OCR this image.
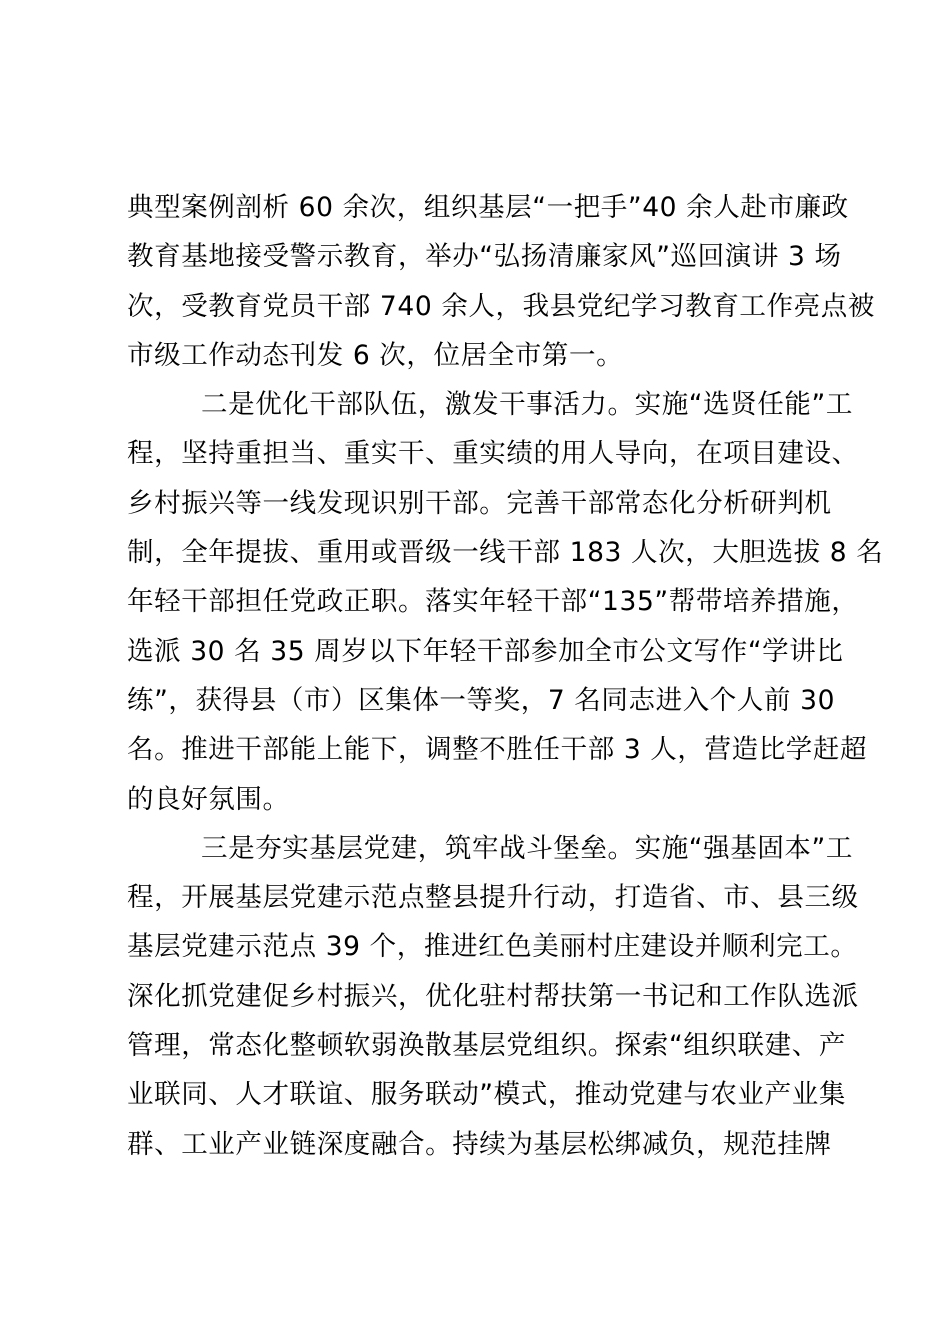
典型案例剖析 60 余次，组织基层“一把手”40 余人赴市廉政
教育基地接受警示教育，举办“弘扬清廉家风”巡回演讲 3 场
次，受教育党员干部 740 余人，我县党纪学习教育工作亮点被
市级工作动态刊发 6 次，位居全市第一。
二是优化干部队伍，激发干事活力。实施“选贤任能”工
程，坚持重担当、重实干、重实绩的用人导向，在项目建设、
乡村振兴等一线发现识别干部。完善干部常态化分析研判机
制，全年提拔、重用或晋级一线干部 183 人次，大胆选拔 8 名
年轻干部担任党政正职。落实年轻干部“135”帮带培养措施，
选派 30 名 35 周岁以下年轻干部参加全市公文写作“学讲比
练”，获得县（市）区集体一等奖，7 名同志进入个人前 30
名。推进干部能上能下，调整不胜任干部 3 人，营造比学赶超
的良好氛围。
三是夯实基层党建，筑牢战斗堡垒。实施“强基固本”工
程，开展基层党建示范点整县提升行动，打造省、市、县三级
基层党建示范点 39 个，推进红色美丽村庄建设并顺利完工。
深化抓党建促乡村振兴，优化驻村帮扶第一书记和工作队选派
管理，常态化整顿软弱涣散基层党组织。探索“组织联建、产
业联同、人才联谊、服务联动”模式，推动党建与农业产业集
群、工业产业链深度融合。持续为基层松绑减负，规范挂牌
